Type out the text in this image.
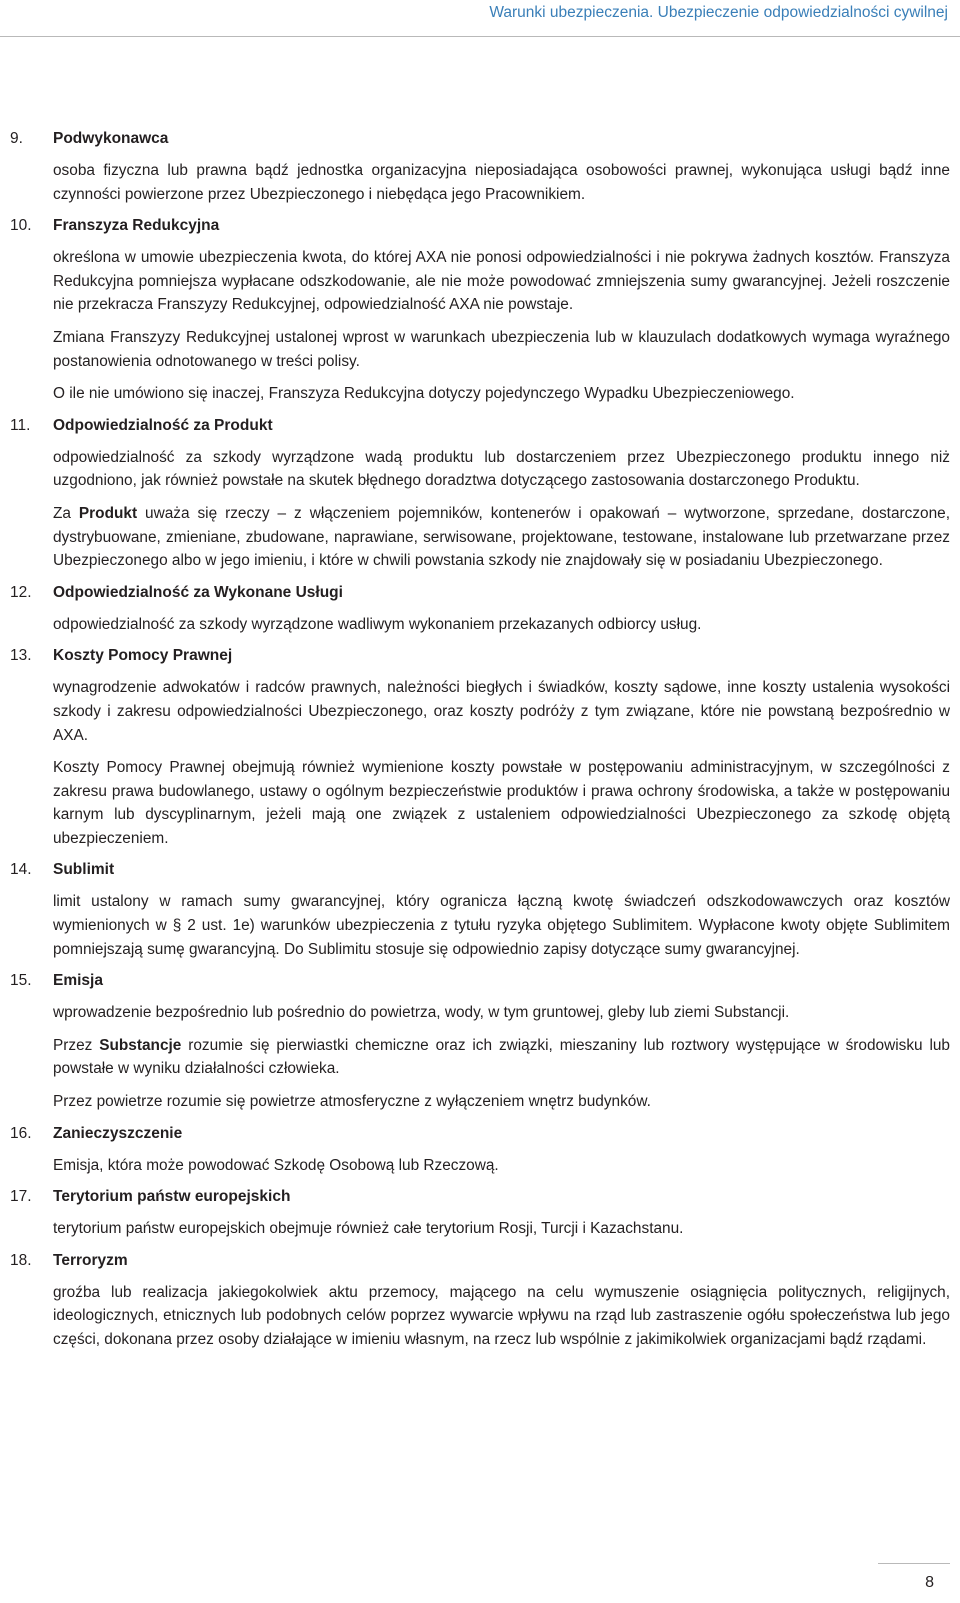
Warunki ubezpieczenia. Ubezpieczenie odpowiedzialności cywilnej
9.	Podwykonawca

osoba fizyczna lub prawna bądź jednostka organizacyjna nieposiadająca osobowości prawnej, wykonująca usługi bądź inne czynności powierzone przez Ubezpieczonego i niebędąca jego Pracownikiem.

10.	Franszyza Redukcyjna

określona w umowie ubezpieczenia kwota, do której AXA nie ponosi odpowiedzialności i nie pokrywa żadnych kosztów. Franszyza Redukcyjna pomniejsza wypłacane odszkodowanie, ale nie może powodować zmniejszenia sumy gwarancyjnej. Jeżeli roszczenie nie przekracza Franszyzy Redukcyjnej, odpowiedzialność AXA nie powstaje.

Zmiana Franszyzy Redukcyjnej ustalonej wprost w warunkach ubezpieczenia lub w klauzulach dodatkowych wymaga wyraźnego postanowienia odnotowanego w treści polisy.

O ile nie umówiono się inaczej, Franszyza Redukcyjna dotyczy pojedynczego Wypadku Ubezpieczeniowego.

11.	Odpowiedzialność za Produkt

odpowiedzialność za szkody wyrządzone wadą produktu lub dostarczeniem przez Ubezpieczonego produktu innego niż uzgodniono, jak również powstałe na skutek błędnego doradztwa dotyczącego zastosowania dostarczonego Produktu.

Za Produkt uważa się rzeczy – z włączeniem pojemników, kontenerów i opakowań – wytworzone, sprzedane, dostarczone, dystrybuowane, zmieniane, zbudowane, naprawiane, serwisowane, projektowane, testowane, instalowane lub przetwarzane przez Ubezpieczonego albo w jego imieniu, i które w chwili powstania szkody nie znajdowały się w posiadaniu Ubezpieczonego.

12.	Odpowiedzialność za Wykonane Usługi

odpowiedzialność za szkody wyrządzone wadliwym wykonaniem przekazanych odbiorcy usług.

13.	Koszty Pomocy Prawnej

wynagrodzenie adwokatów i radców prawnych, należności biegłych i świadków, koszty sądowe, inne koszty ustalenia wysokości szkody i zakresu odpowiedzialności Ubezpieczonego, oraz koszty podróży z tym związane, które nie powstaną bezpośrednio w AXA.

Koszty Pomocy Prawnej obejmują również wymienione koszty powstałe w postępowaniu administracyjnym, w szczególności z zakresu prawa budowlanego, ustawy o ogólnym bezpieczeństwie produktów i prawa ochrony środowiska, a także w postępowaniu karnym lub dyscyplinarnym, jeżeli mają one związek z ustaleniem odpowiedzialności Ubezpieczonego za szkodę objętą ubezpieczeniem.

14.	Sublimit

limit ustalony w ramach sumy gwarancyjnej, który ogranicza łączną kwotę świadczeń odszkodowawczych oraz kosztów wymienionych w § 2 ust. 1e) warunków ubezpieczenia z tytułu ryzyka objętego Sublimitem. Wypłacone kwoty objęte Sublimitem pomniejszają sumę gwarancyjną. Do Sublimitu stosuje się odpowiednio zapisy dotyczące sumy gwarancyjnej.

15.	Emisja

wprowadzenie bezpośrednio lub pośrednio do powietrza, wody, w tym gruntowej, gleby lub ziemi Substancji.

Przez Substancje rozumie się pierwiastki chemiczne oraz ich związki, mieszaniny lub roztwory występujące w środowisku lub powstałe w wyniku działalności człowieka.

Przez powietrze rozumie się powietrze atmosferyczne z wyłączeniem wnętrz budynków.

16.	Zanieczyszczenie

Emisja, która może powodować Szkodę Osobową lub Rzeczową.

17.	Terytorium państw europejskich

terytorium państw europejskich obejmuje również całe terytorium Rosji, Turcji i Kazachstanu.

18.	Terroryzm

groźba lub realizacja jakiegokolwiek aktu przemocy, mającego na celu wymuszenie osiągnięcia politycznych, religijnych, ideologicznych, etnicznych lub podobnych celów poprzez wywarcie wpływu na rząd lub zastraszenie ogółu społeczeństwa lub jego części, dokonana przez osoby działające w imieniu własnym, na rzecz lub wspólnie z jakimikolwiek organizacjami bądź rządami.

8
